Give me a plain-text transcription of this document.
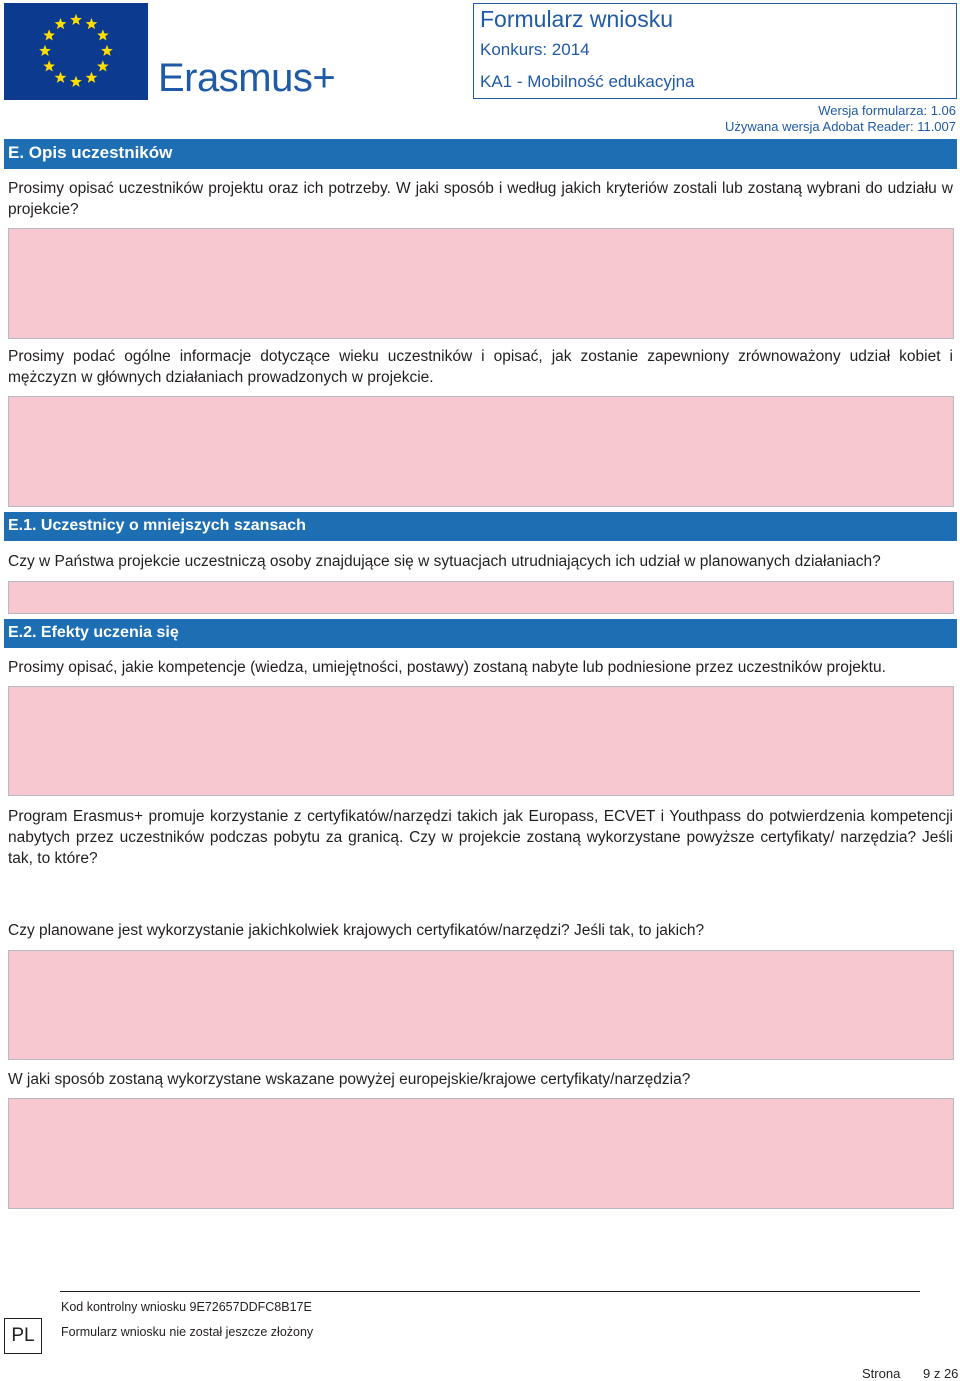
Erasmus+
Formularz wniosku
Konkurs: 2014
KA1 - Mobilność edukacyjna
Wersja formularza: 1.06
Używana wersja Adobat Reader: 11.007
E. Opis uczestników
Prosimy opisać uczestników projektu oraz ich potrzeby. W jaki sposób i według jakich kryteriów zostali lub zostaną wybrani do udziału w projekcie?
Prosimy podać ogólne informacje dotyczące wieku uczestników i opisać, jak zostanie zapewniony zrównoważony udział kobiet i mężczyzn w głównych działaniach prowadzonych w projekcie.
E.1. Uczestnicy o mniejszych szansach
Czy w Państwa projekcie uczestniczą osoby znajdujące się w sytuacjach utrudniających ich udział w planowanych działaniach?
E.2. Efekty uczenia się
Prosimy opisać, jakie kompetencje (wiedza, umiejętności, postawy) zostaną nabyte lub podniesione przez uczestników projektu.
Program Erasmus+ promuje korzystanie z certyfikatów/narzędzi takich jak Europass, ECVET i Youthpass do potwierdzenia kompetencji nabytych przez uczestników podczas pobytu za granicą. Czy w projekcie zostaną wykorzystane powyższe certyfikaty/ narzędzia? Jeśli tak, to które?
Czy planowane jest wykorzystanie jakichkolwiek krajowych certyfikatów/narzędzi? Jeśli tak, to jakich?
W jaki sposób zostaną wykorzystane wskazane powyżej europejskie/krajowe certyfikaty/narzędzia?
PL
Kod kontrolny wniosku 9E72657DDFC8B17E
Formularz wniosku nie został jeszcze złożony
Strona 9 z 26
